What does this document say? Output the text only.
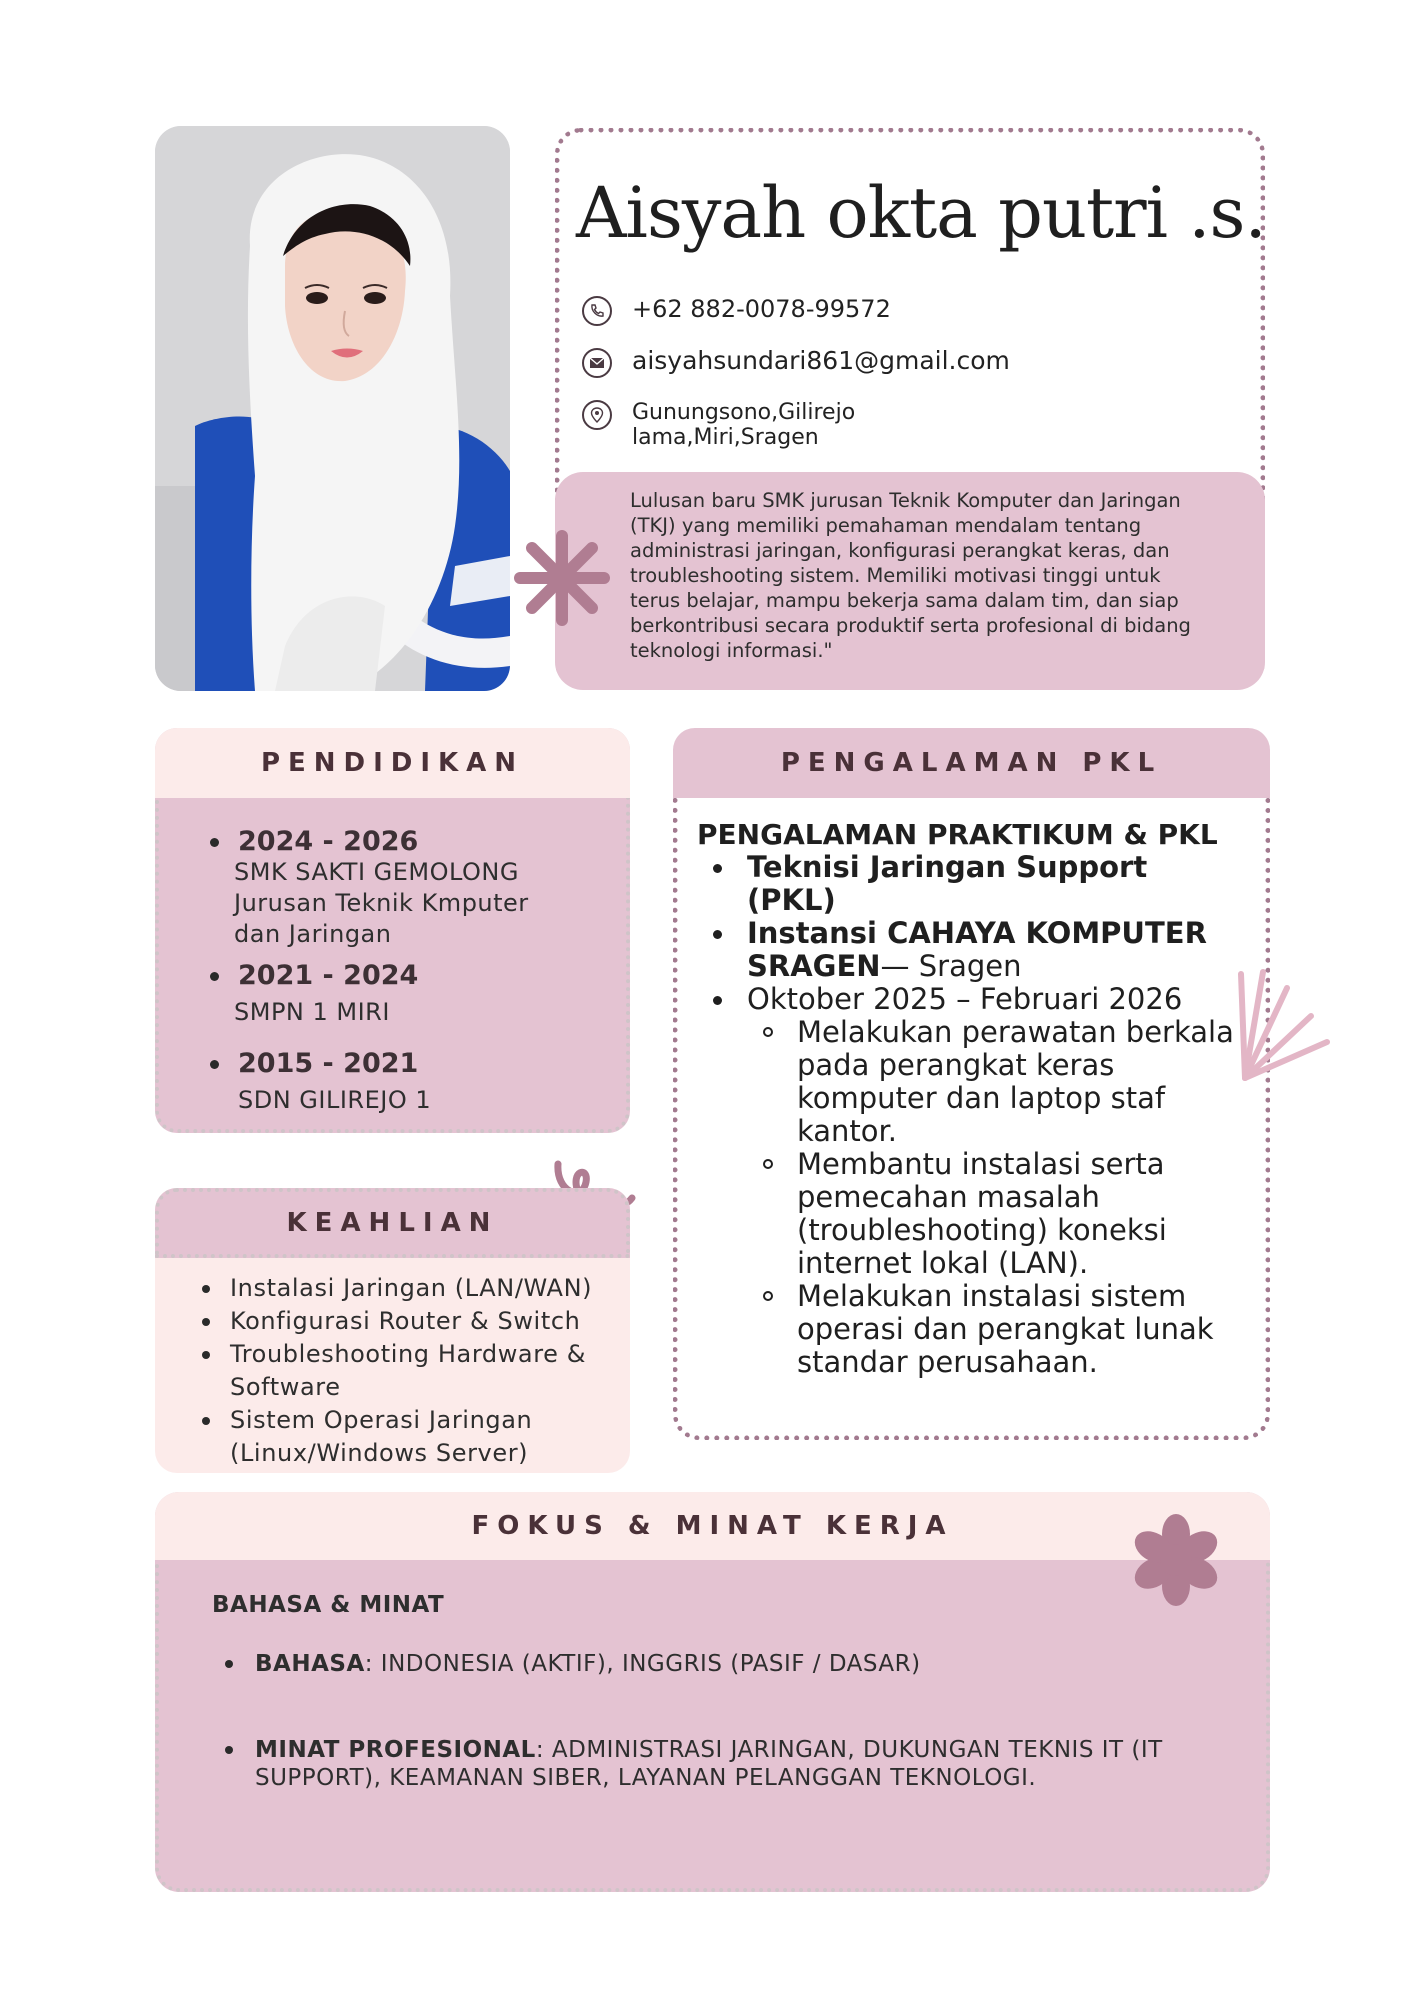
Aisyah okta putri .s.
+62 882-0078-99572
aisyahsundari861@gmail.com
Gunungsono,Gilirejo
lama,Miri,Sragen
Lulusan baru SMK jurusan Teknik Komputer dan Jaringan (TKJ) yang memiliki pemahaman mendalam tentang administrasi jaringan, konfigurasi perangkat keras, dan troubleshooting sistem. Memiliki motivasi tinggi untuk terus belajar, mampu bekerja sama dalam tim, dan siap berkontribusi secara produktif serta profesional di bidang teknologi informasi."
PENDIDIKAN
2024 - 2026
SMK SAKTI GEMOLONG
Jurusan Teknik Kmputer
dan Jaringan
2021 - 2024
SMPN 1 MIRI
2015 - 2021
SDN GILIREJO 1
KEAHLIAN
Instalasi Jaringan (LAN/WAN)
Konfigurasi Router & Switch
Troubleshooting Hardware & Software
Sistem Operasi Jaringan (Linux/Windows Server)
PENGALAMAN PKL
PENGALAMAN PRAKTIKUM & PKL
Teknisi Jaringan Support (PKL)
Instansi CAHAYA KOMPUTER SRAGEN— Sragen
Oktober 2025 – Februari 2026
Melakukan perawatan berkala pada perangkat keras komputer dan laptop staf kantor.
Membantu instalasi serta pemecahan masalah (troubleshooting) koneksi internet lokal (LAN).
Melakukan instalasi sistem operasi dan perangkat lunak standar perusahaan.
FOKUS & MINAT KERJA
BAHASA & MINAT
BAHASA: INDONESIA (AKTIF), INGGRIS (PASIF / DASAR)
MINAT PROFESIONAL: ADMINISTRASI JARINGAN, DUKUNGAN TEKNIS IT (IT SUPPORT), KEAMANAN SIBER, LAYANAN PELANGGAN TEKNOLOGI.
